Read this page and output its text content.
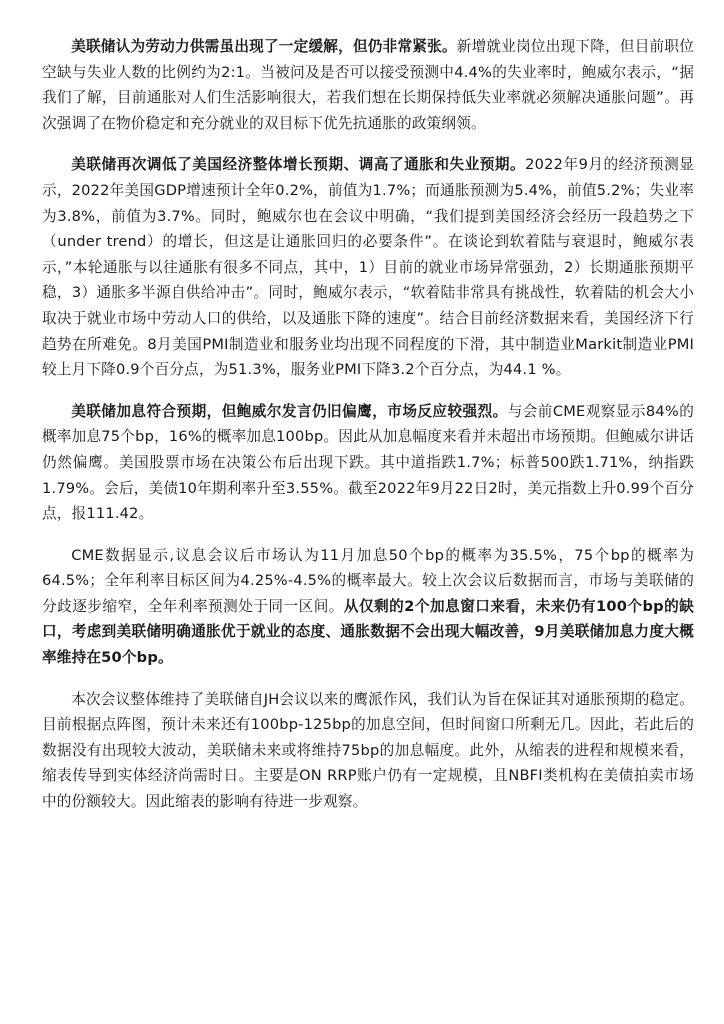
美联储认为劳动力供需虽出现了一定缓解，但仍非常紧张。新增就业岗位出现下降，但目前职位空缺与失业人数的比例约为2:1。当被问及是否可以接受预测中4.4%的失业率时，鲍威尔表示，“据我们了解，目前通胀对人们生活影响很大，若我们想在长期保持低失业率就必须解决通胀问题”。再次强调了在物价稳定和充分就业的双目标下优先抗通胀的政策纲领。

美联储再次调低了美国经济整体增长预期、调高了通胀和失业预期。2022年9月的经济预测显示，2022年美国GDP增速预计全年0.2%，前值为1.7%；而通胀预测为5.4%，前值5.2%；失业率为3.8%，前值为3.7%。同时，鲍威尔也在会议中明确，“我们提到美国经济会经历一段趋势之下（under trend）的增长，但这是让通胀回归的必要条件”。在谈论到软着陆与衰退时，鲍威尔表示，”本轮通胀与以往通胀有很多不同点，其中，1）目前的就业市场异常强劲，2）长期通胀预期平稳，3）通胀多半源自供给冲击”。同时，鲍威尔表示，“软着陆非常具有挑战性，软着陆的机会大小取决于就业市场中劳动人口的供给，以及通胀下降的速度”。结合目前经济数据来看，美国经济下行趋势在所难免。8月美国PMI制造业和服务业均出现不同程度的下滑，其中制造业Markit制造业PMI较上月下降0.9个百分点，为51.3%，服务业PMI下降3.2个百分点，为44.1 %。

美联储加息符合预期，但鲍威尔发言仍旧偏鹰，市场反应较强烈。与会前CME观察显示84%的概率加息75个bp，16%的概率加息100bp。因此从加息幅度来看并未超出市场预期。但鲍威尔讲话仍然偏鹰。美国股票市场在决策公布后出现下跌。其中道指跌1.7%；标普500跌1.71%，纳指跌1.79%。会后，美债10年期利率升至3.55%。截至2022年9月22日2时，美元指数上升0.99个百分点，报111.42。

CME数据显示,议息会议后市场认为11月加息50个bp的概率为35.5%，75个bp的概率为64.5%；全年利率目标区间为4.25%-4.5%的概率最大。较上次会议后数据而言，市场与美联储的分歧逐步缩窄，全年利率预测处于同一区间。从仅剩的2个加息窗口来看，未来仍有100个bp的缺口，考虑到美联储明确通胀优于就业的态度、通胀数据不会出现大幅改善，9月美联储加息力度大概率维持在50个bp。

本次会议整体维持了美联储自JH会议以来的鹰派作风，我们认为旨在保证其对通胀预期的稳定。目前根据点阵图，预计未来还有100bp-125bp的加息空间，但时间窗口所剩无几。因此，若此后的数据没有出现较大波动，美联储未来或将维持75bp的加息幅度。此外，从缩表的进程和规模来看，缩表传导到实体经济尚需时日。主要是ON RRP账户仍有一定规模，且NBFI类机构在美债拍卖市场中的份额较大。因此缩表的影响有待进一步观察。
